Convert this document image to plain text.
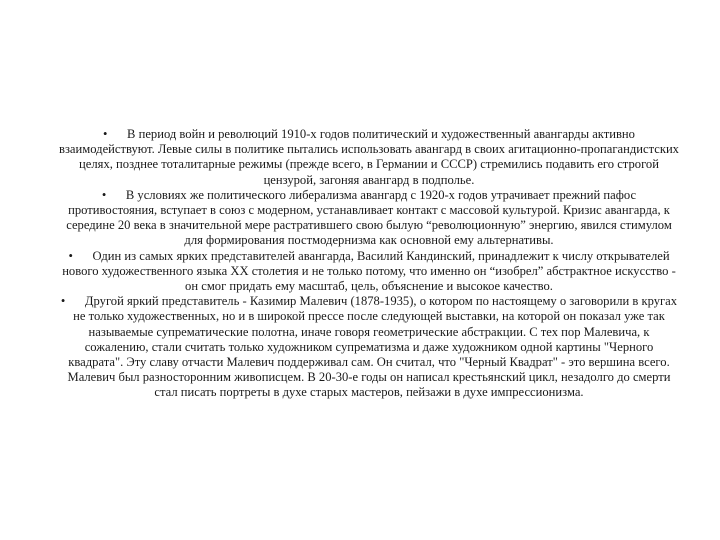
• В период войн и революций 1910-х годов политический и художественный авангарды активно взаимодействуют. Левые силы в политике пытались использовать авангард в своих агитационно-пропагандистских целях, позднее тоталитарные режимы (прежде всего, в Германии и СССР) стремились подавить его строгой цензурой, загоняя авангард в подполье.

• В условиях же политического либерализма авангард с 1920-х годов утрачивает прежний пафос противостояния, вступает в союз с модерном, устанавливает контакт с массовой культурой. Кризис авангарда, к середине 20 века в значительной мере растратившего свою былую “революционную” энергию, явился стимулом для формирования постмодернизма как основной ему альтернативы.

• Один из самых ярких представителей авангарда, Василий Кандинский, принадлежит к числу открывателей нового художественного языка XX столетия и не только потому, что именно он “изобрел” абстрактное искусство - он смог придать ему масштаб, цель, объяснение и высокое качество.

• Другой яркий представитель - Казимир Малевич (1878-1935), о котором по настоящему о заговорили в кругах не только художественных, но и в широкой прессе после следующей выставки, на которой он показал уже так называемые супрематические полотна, иначе говоря геометрические абстракции. С тех пор Малевича, к сожалению, стали считать только художником супрематизма и даже художником одной картины "Черного квадрата". Эту славу отчасти Малевич поддерживал сам. Он считал, что "Черный Квадрат" - это вершина всего. Малевич был разносторонним живописцем. В 20-30-е годы он написал крестьянский цикл, незадолго до смерти стал писать портреты в духе старых мастеров, пейзажи в духе импрессионизма.
